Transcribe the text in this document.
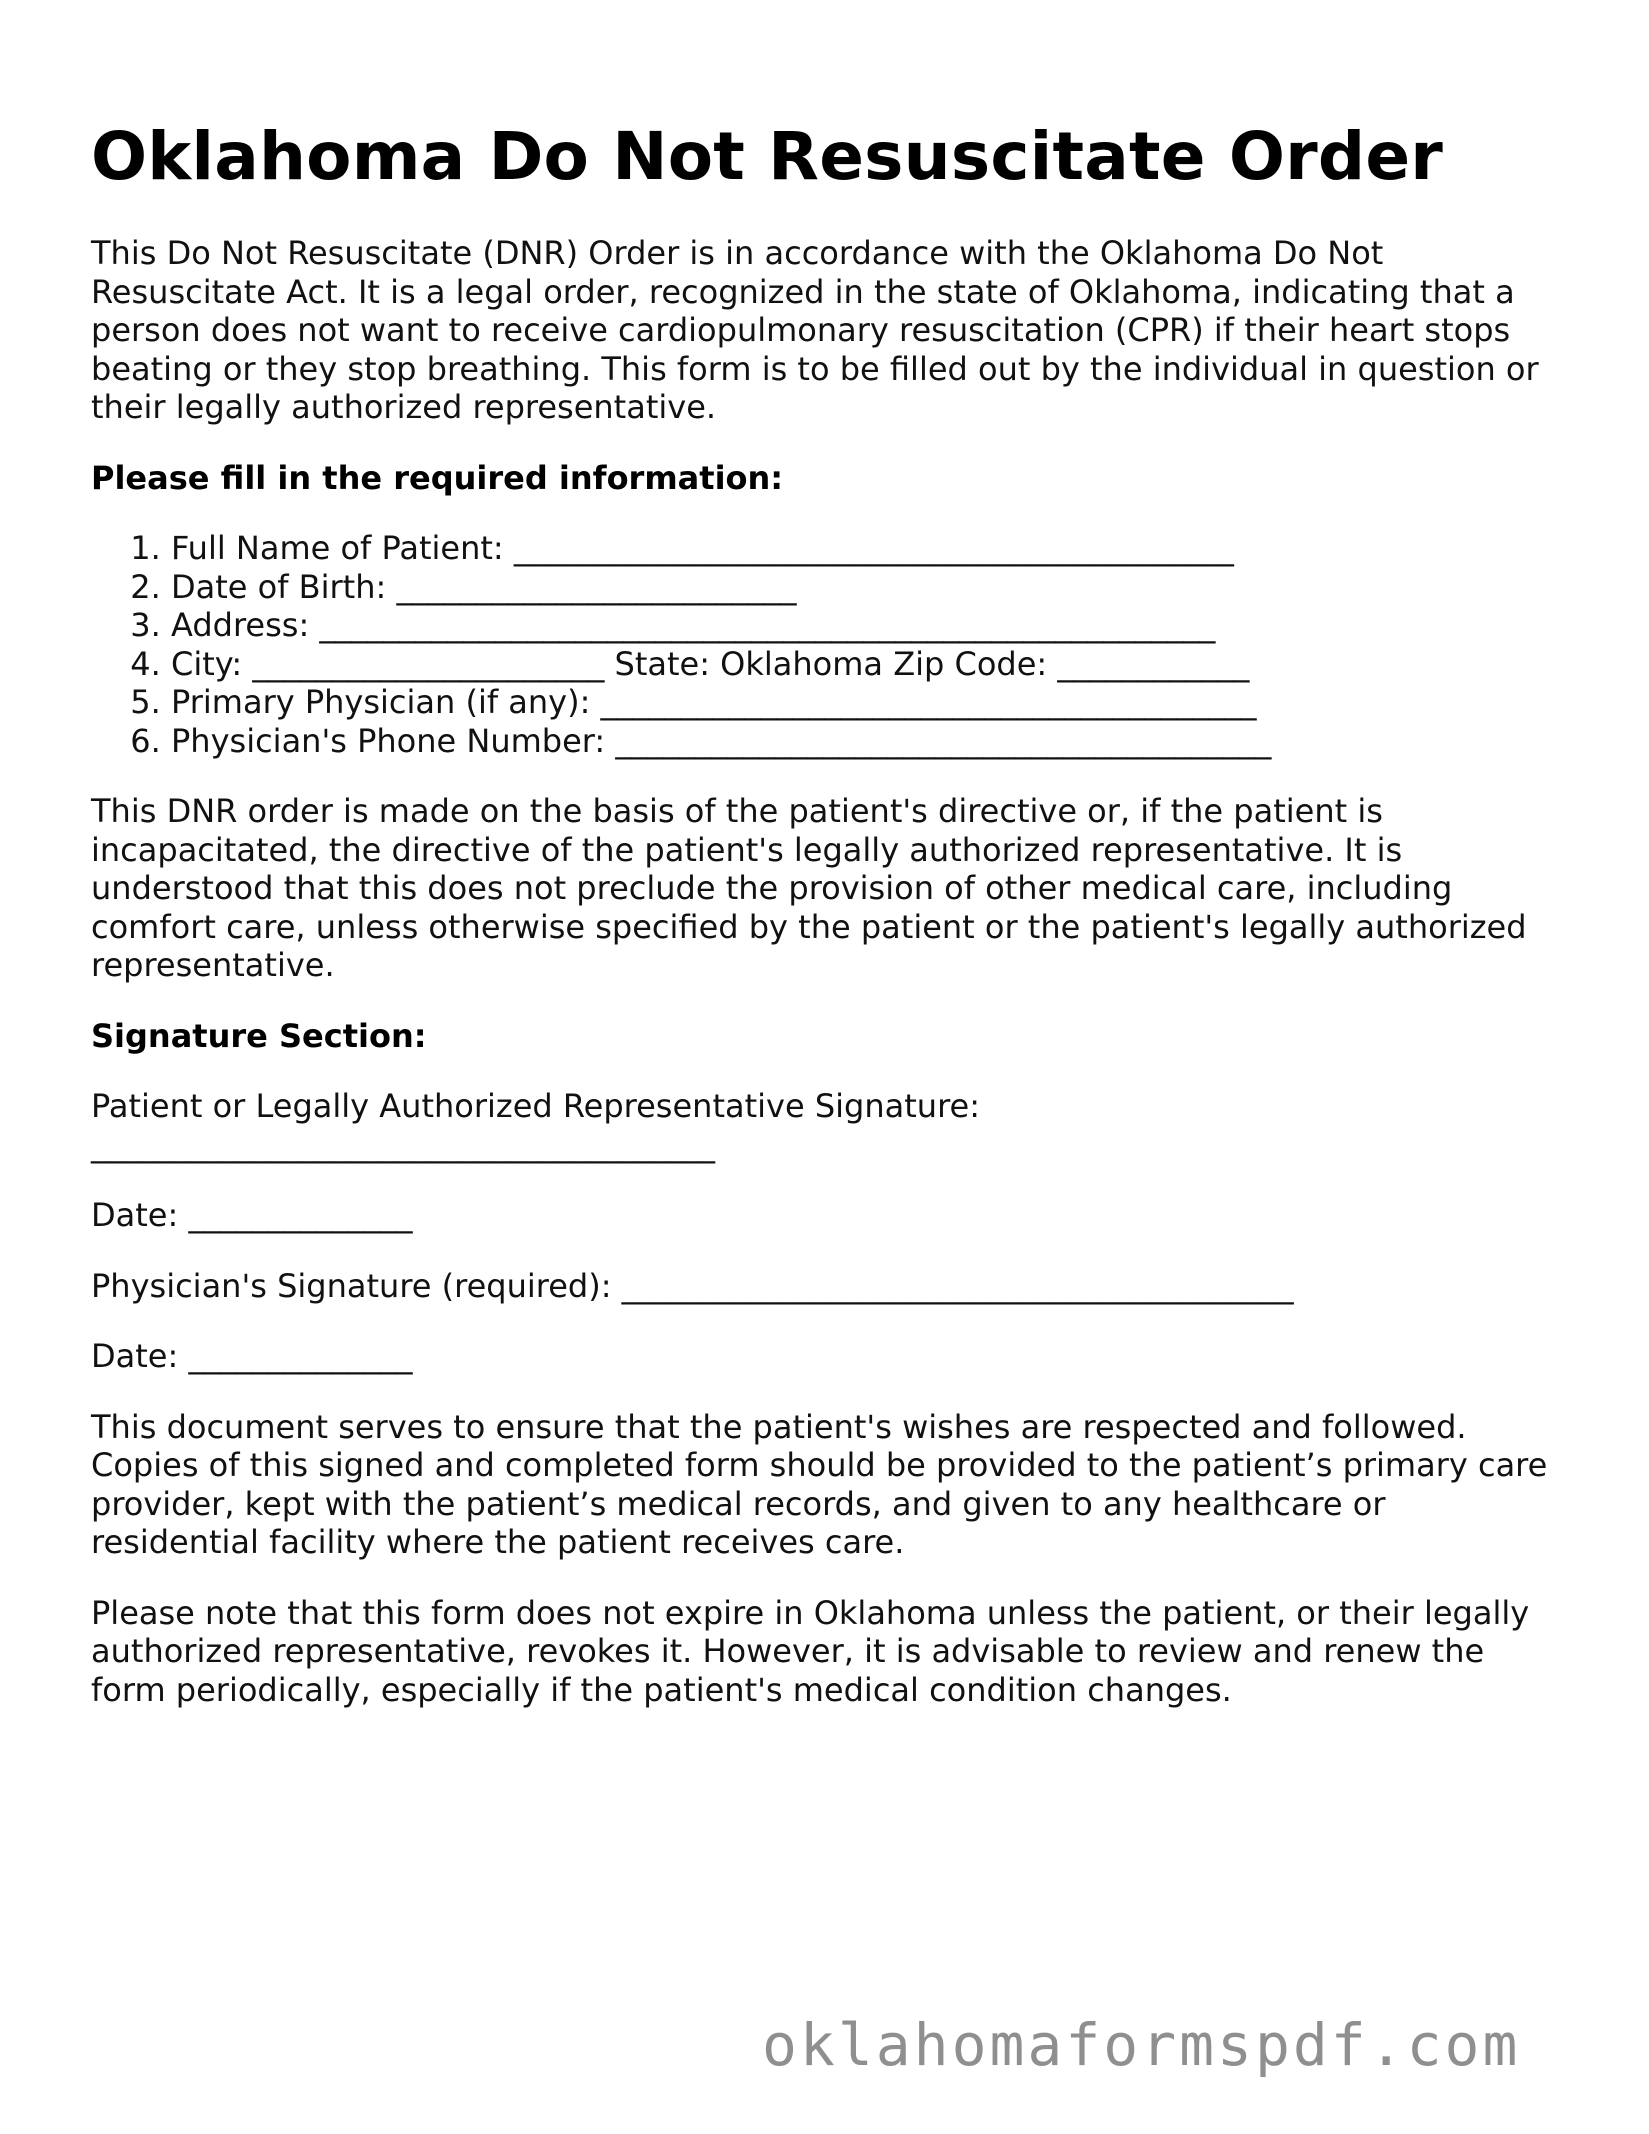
Oklahoma Do Not Resuscitate Order

This Do Not Resuscitate (DNR) Order is in accordance with the Oklahoma Do Not Resuscitate Act. It is a legal order, recognized in the state of Oklahoma, indicating that a person does not want to receive cardiopulmonary resuscitation (CPR) if their heart stops beating or they stop breathing. This form is to be filled out by the individual in question or their legally authorized representative.

Please fill in the required information:
1. Full Name of Patient: _____________________________________________
2. Date of Birth: _________________________
3. Address: ________________________________________________________
4. City: ______________________ State: Oklahoma Zip Code: ____________
5. Primary Physician (if any): _________________________________________
6. Physician's Phone Number: _________________________________________

This DNR order is made on the basis of the patient's directive or, if the patient is incapacitated, the directive of the patient's legally authorized representative. It is understood that this does not preclude the provision of other medical care, including comfort care, unless otherwise specified by the patient or the patient's legally authorized representative.

Signature Section:

Patient or Legally Authorized Representative Signature:
_______________________________________

Date: ______________

Physician's Signature (required): __________________________________________

Date: ______________

This document serves to ensure that the patient's wishes are respected and followed. Copies of this signed and completed form should be provided to the patient’s primary care provider, kept with the patient’s medical records, and given to any healthcare or residential facility where the patient receives care.

Please note that this form does not expire in Oklahoma unless the patient, or their legally authorized representative, revokes it. However, it is advisable to review and renew the form periodically, especially if the patient's medical condition changes.

oklahomaformspdf.com
